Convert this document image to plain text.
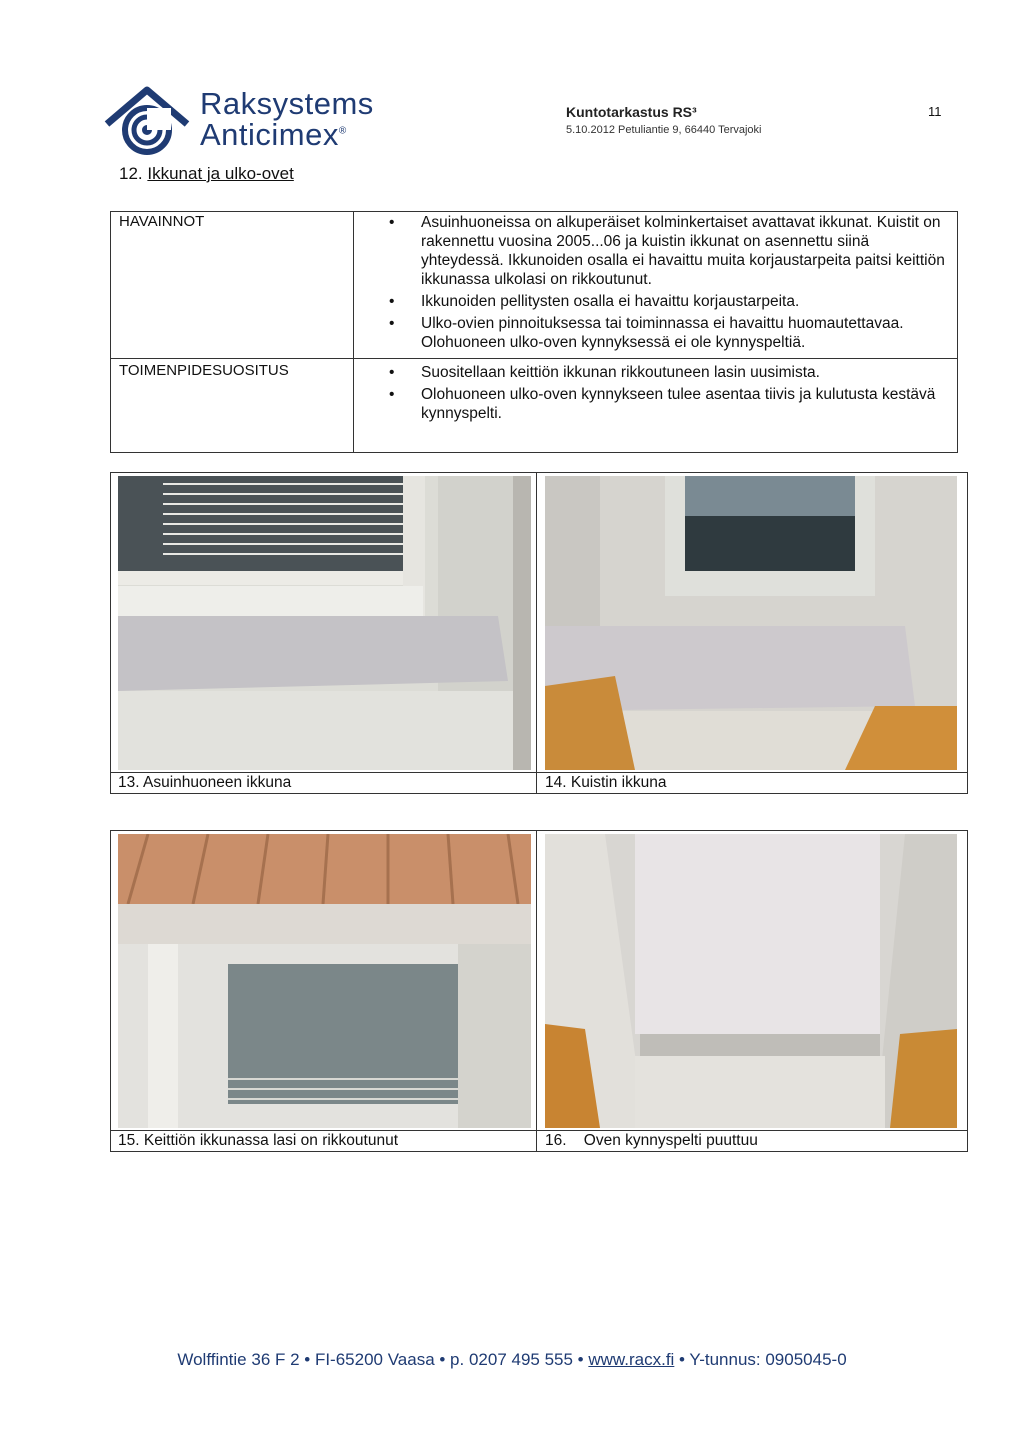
Raksystems
Anticimex®
Kuntotarkastus RS³
5.10.2012 Petuliantie 9, 66440 Tervajoki
11
12. Ikkunat ja ulko-ovet
HAVAINNOT	• Asuinhuoneissa on alkuperäiset kolminkertaiset avattavat ikkunat. Kuistit on rakennettu vuosina 2005...06 ja kuistin ikkunat on asennettu siinä yhteydessä. Ikkunoiden osalla ei havaittu muita korjaustarpeita paitsi keittiön ikkunassa ulkolasi on rikkoutunut.
• Ikkunoiden pellitysten osalla ei havaittu korjaustarpeita.
• Ulko-ovien pinnoituksessa tai toiminnassa ei havaittu huomautettavaa. Olohuoneen ulko-oven kynnyksessä ei ole kynnyspeltiä.
TOIMENPIDESUOSITUS	• Suositellaan keittiön ikkunan rikkoutuneen lasin uusimista.
• Olohuoneen ulko-oven kynnykseen tulee asentaa tiivis ja kulutusta kestävä kynnyspelti.
13. Asuinhuoneen ikkuna	14. Kuistin ikkuna
15. Keittiön ikkunassa lasi on rikkoutunut	16.    Oven kynnyspelti puuttuu
Wolffintie 36 F 2 • FI-65200 Vaasa • p. 0207 495 555 • www.racx.fi • Y-tunnus: 0905045-0
